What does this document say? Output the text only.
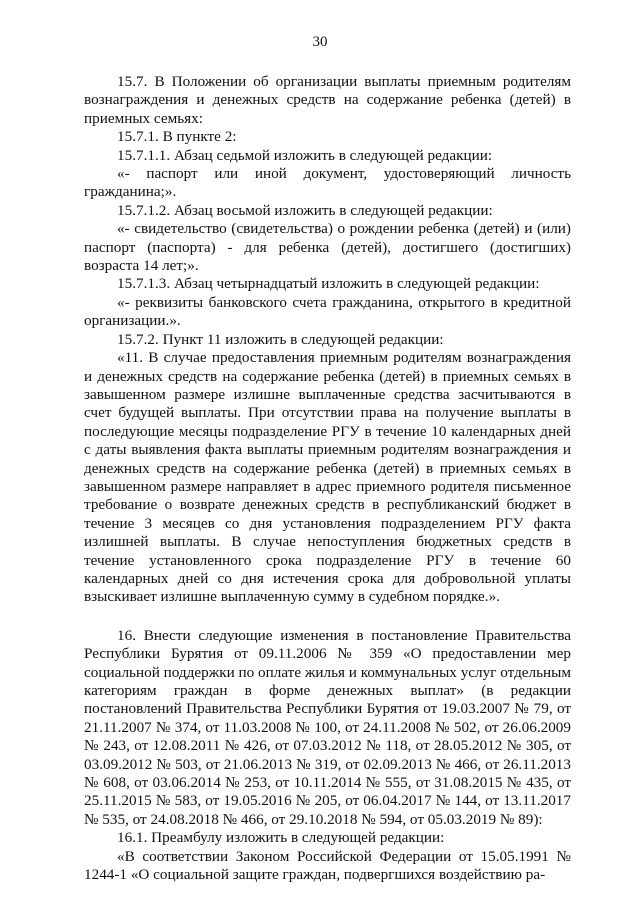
30

15.7. В Положении об организации выплаты приемным родителям вознаграждения и денежных средств на содержание ребенка (детей) в приемных семьях:

15.7.1. В пункте 2:

15.7.1.1. Абзац седьмой изложить в следующей редакции:

«- паспорт или иной документ, удостоверяющий личность гражданина;».

15.7.1.2. Абзац восьмой изложить в следующей редакции:

«- свидетельство (свидетельства) о рождении ребенка (детей) и (или) паспорт (паспорта) - для ребенка (детей), достигшего (достигших) возраста 14 лет;».

15.7.1.3. Абзац четырнадцатый изложить в следующей редакции:

«- реквизиты банковского счета гражданина, открытого в кредитной организации.».

15.7.2. Пункт 11 изложить в следующей редакции:

«11. В случае предоставления приемным родителям вознаграждения и денежных средств на содержание ребенка (детей) в приемных семьях в завышенном размере излишне выплаченные средства засчитываются в счет будущей выплаты. При отсутствии права на получение выплаты в последующие месяцы подразделение РГУ в течение 10 календарных дней с даты выявления факта выплаты приемным родителям вознаграждения и денежных средств на содержание ребенка (детей) в приемных семьях в завышенном размере направляет в адрес приемного родителя письменное требование о возврате денежных средств в республиканский бюджет в течение 3 месяцев со дня установления подразделением РГУ факта излишней выплаты. В случае непоступления бюджетных средств в течение установленного срока подразделение РГУ в течение 60 календарных дней со дня истечения срока для добровольной уплаты взыскивает излишне выплаченную сумму в судебном порядке.».

16. Внести следующие изменения в постановление Правительства Республики Бурятия от 09.11.2006 № 359 «О предоставлении мер социальной поддержки по оплате жилья и коммунальных услуг отдельным категориям граждан в форме денежных выплат» (в редакции постановлений Правительства Республики Бурятия от 19.03.2007 № 79, от 21.11.2007 № 374, от 11.03.2008 № 100, от 24.11.2008 № 502, от 26.06.2009 № 243, от 12.08.2011 № 426, от 07.03.2012 № 118, от 28.05.2012 № 305, от 03.09.2012 № 503, от 21.06.2013 № 319, от 02.09.2013 № 466, от 26.11.2013 № 608, от 03.06.2014 № 253, от 10.11.2014 № 555, от 31.08.2015 № 435, от 25.11.2015 № 583, от 19.05.2016 № 205, от 06.04.2017 № 144, от 13.11.2017 № 535, от 24.08.2018 № 466, от 29.10.2018 № 594, от 05.03.2019 № 89):

16.1. Преамбулу изложить в следующей редакции:

«В соответствии Законом Российской Федерации от 15.05.1991 № 1244-1 «О социальной защите граждан, подвергшихся воздействию ра-
